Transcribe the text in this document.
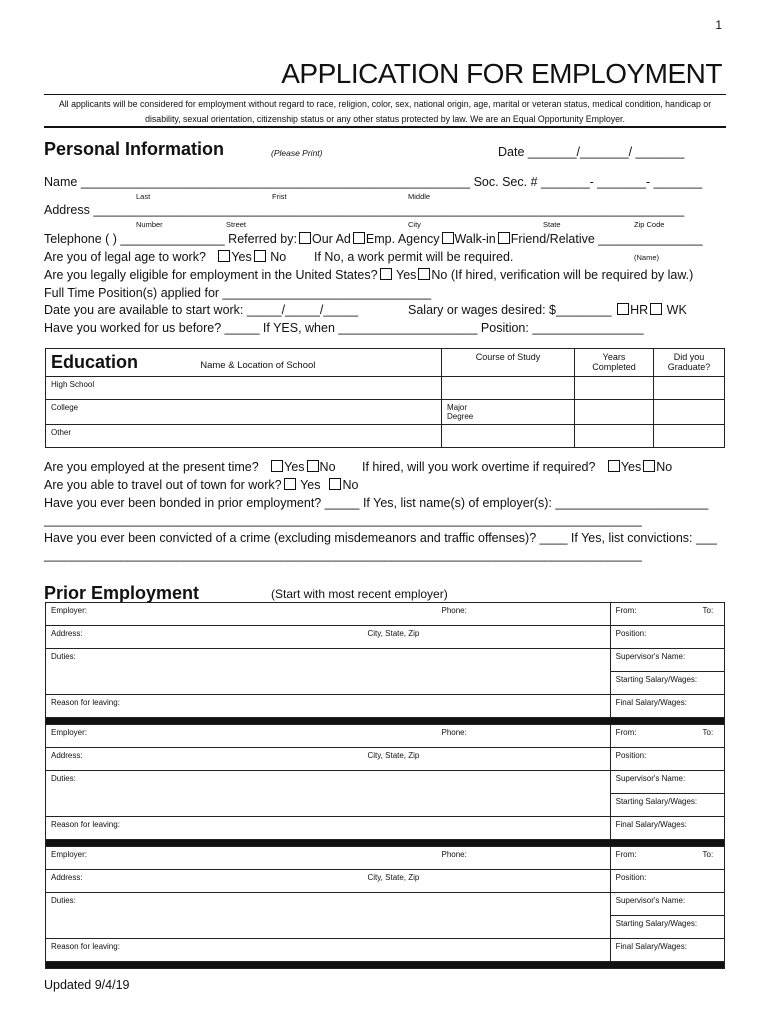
1
APPLICATION FOR EMPLOYMENT
All applicants will be considered for employment without regard to race, religion, color, sex, national origin, age, marital or veteran status, medical condition, handicap or disability, sexual orientation, citizenship status or any other status protected by law. We are an Equal Opportunity Employer.
Personal Information	(Please Print)	Date _______/_______/ _______
Name ________________________________________________________ Soc. Sec. # _______- _______- _______
Last	Frist	Middle
Address _____________________________________________________________________________________
Number	Street	City	State	Zip Code
Telephone ( ) _______________ Referred by: Our Ad Emp. Agency Walk-in Friend/Relative _______________
Are you of legal age to work? Yes No If No, a work permit will be required.	(Name)
Are you legally eligible for employment in the United States? Yes No (If hired, verification will be required by law.)
Full Time Position(s) applied for ______________________________
Date you are available to start work: _____/_____/_____	Salary or wages desired: $________ HR WK
Have you worked for us before? _____ If YES, when ____________________ Position: ________________
Education Name & Location of School	Course of Study	Years Completed	Did you Graduate?
High School			
College	Major Degree		
Other			
Are you employed at the present time? Yes No If hired, will you work overtime if required? Yes No
Are you able to travel out of town for work? Yes No
Have you ever been bonded in prior employment? _____ If Yes, list name(s) of employer(s): ______________________
______________________________________________________________________________________
Have you ever been convicted of a crime (excluding misdemeanors and traffic offenses)? ____ If Yes, list convictions: ___
______________________________________________________________________________________
Prior Employment	(Start with most recent employer)
Employer: Phone:	From: To:
Address: City, State, Zip	Position:
Duties:	Supervisor's Name:
	Starting Salary/Wages:
Reason for leaving:	Final Salary/Wages:

Employer: Phone:	From: To:
Address: City, State, Zip	Position:
Duties:	Supervisor's Name:
	Starting Salary/Wages:
Reason for leaving:	Final Salary/Wages:

Employer: Phone:	From: To:
Address: City, State, Zip	Position:
Duties:	Supervisor's Name:
	Starting Salary/Wages:
Reason for leaving:	Final Salary/Wages:

Updated 9/4/19
